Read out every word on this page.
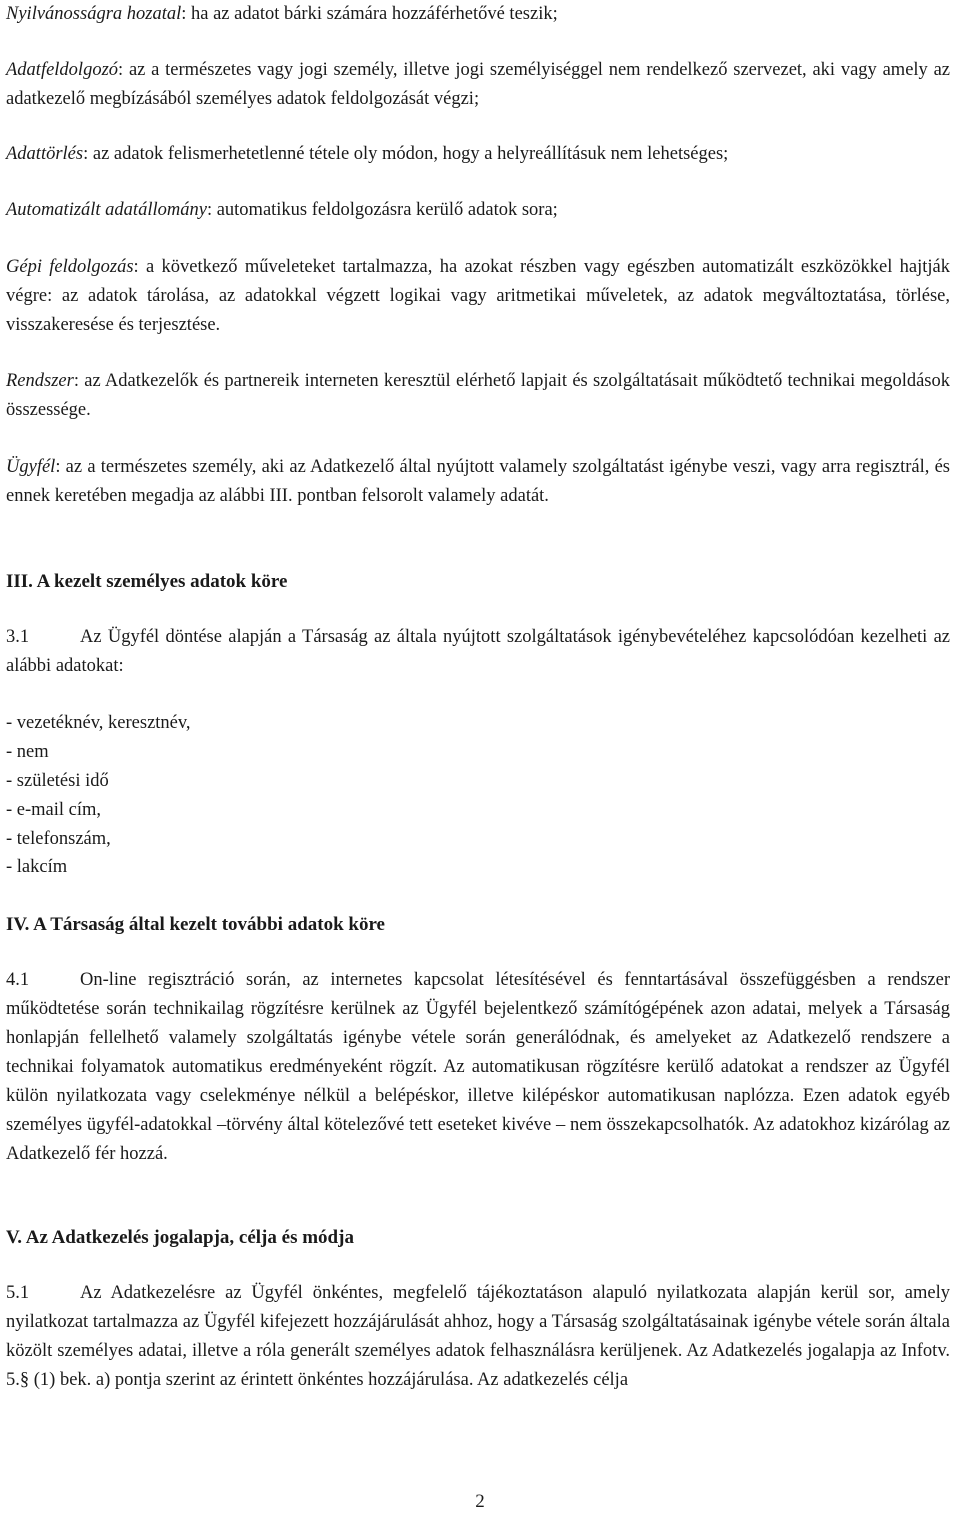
Nyilvánosságra hozatal: ha az adatot bárki számára hozzáférhetővé teszik;

Adatfeldolgozó: az a természetes vagy jogi személy, illetve jogi személyiséggel nem rendelkező szervezet, aki vagy amely az adatkezelő megbízásából személyes adatok feldolgozását végzi;

Adattörlés: az adatok felismerhetetlenné tétele oly módon, hogy a helyreállításuk nem lehetséges;

Automatizált adatállomány: automatikus feldolgozásra kerülő adatok sora;

Gépi feldolgozás: a következő műveleteket tartalmazza, ha azokat részben vagy egészben automatizált eszközökkel hajtják végre: az adatok tárolása, az adatokkal végzett logikai vagy aritmetikai műveletek, az adatok megváltoztatása, törlése, visszakeresése és terjesztése.

Rendszer: az Adatkezelők és partnereik interneten keresztül elérhető lapjait és szolgáltatásait működtető technikai megoldások összessége.

Ügyfél: az a természetes személy, aki az Adatkezelő által nyújtott valamely szolgáltatást igénybe veszi, vagy arra regisztrál, és ennek keretében megadja az alábbi III. pontban felsorolt valamely adatát.

III. A kezelt személyes adatok köre

3.1	Az Ügyfél döntése alapján a Társaság az általa nyújtott szolgáltatások igénybevételéhez kapcsolódóan kezelheti az alábbi adatokat:

- vezetéknév, keresztnév,

- nem

- születési idő

- e-mail cím,

- telefonszám,

- lakcím

IV. A Társaság által kezelt további adatok köre

4.1	On-line regisztráció során, az internetes kapcsolat létesítésével és fenntartásával összefüggésben a rendszer működtetése során technikailag rögzítésre kerülnek az Ügyfél bejelentkező számítógépének azon adatai, melyek a Társaság honlapján fellelhető valamely szolgáltatás igénybe vétele során generálódnak, és amelyeket az Adatkezelő rendszere a technikai folyamatok automatikus eredményeként rögzít. Az automatikusan rögzítésre kerülő adatokat a rendszer az Ügyfél külön nyilatkozata vagy cselekménye nélkül a belépéskor, illetve kilépéskor automatikusan naplózza. Ezen adatok egyéb személyes ügyfél-adatokkal –törvény által kötelezővé tett eseteket kivéve – nem összekapcsolhatók. Az adatokhoz kizárólag az Adatkezelő fér hozzá.

V. Az Adatkezelés jogalapja, célja és módja

5.1	Az Adatkezelésre az Ügyfél önkéntes, megfelelő tájékoztatáson alapuló nyilatkozata alapján kerül sor, amely nyilatkozat tartalmazza az Ügyfél kifejezett hozzájárulását ahhoz, hogy a Társaság szolgáltatásainak igénybe vétele során általa közölt személyes adatai, illetve a róla generált személyes adatok felhasználásra kerüljenek. Az Adatkezelés jogalapja az Infotv. 5.§ (1) bek. a) pontja szerint az érintett önkéntes hozzájárulása. Az adatkezelés célja

2
